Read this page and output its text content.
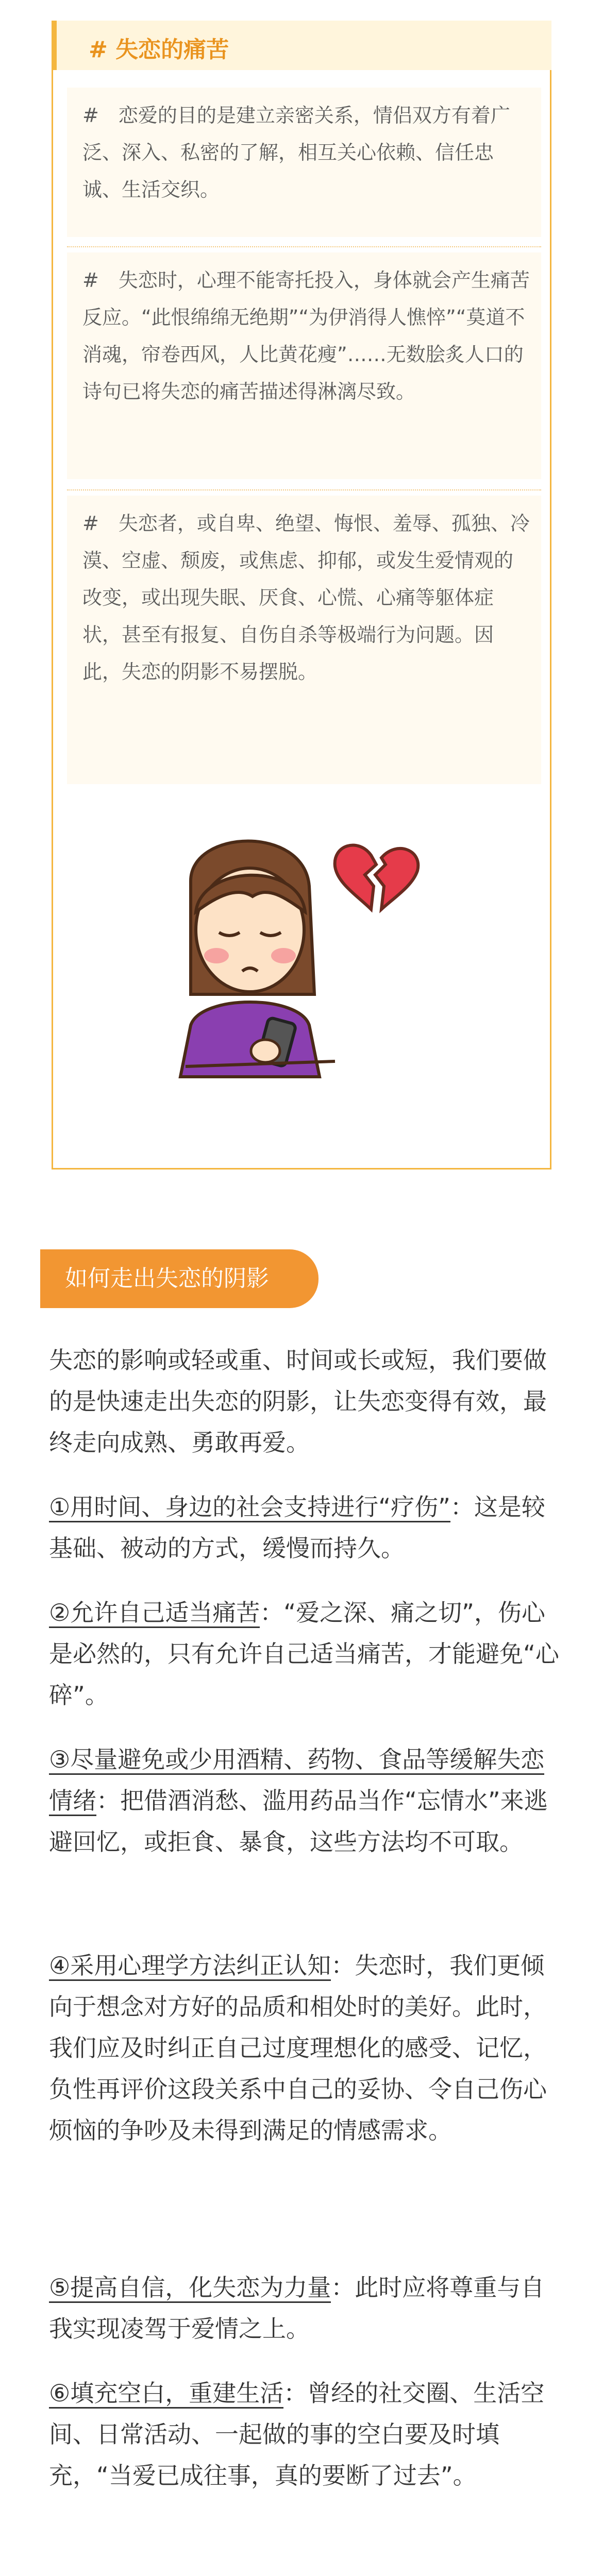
# 失恋的痛苦
#　恋爱的目的是建立亲密关系，情侣双方有着广泛、深入、私密的了解，相互关心依赖、信任忠诚、生活交织。
#　失恋时，心理不能寄托投入，身体就会产生痛苦反应。“此恨绵绵无绝期”“为伊消得人憔悴”“莫道不消魂，帘卷西风，人比黄花瘦”……无数脍炙人口的诗句已将失恋的痛苦描述得淋漓尽致。
#　失恋者，或自卑、绝望、悔恨、羞辱、孤独、冷漠、空虚、颓废，或焦虑、抑郁，或发生爱情观的改变，或出现失眠、厌食、心慌、心痛等躯体症状，甚至有报复、自伤自杀等极端行为问题。因此，失恋的阴影不易摆脱。
如何走出失恋的阴影
失恋的影响或轻或重、时间或长或短，我们要做的是快速走出失恋的阴影，让失恋变得有效，最终走向成熟、勇敢再爱。
①用时间、身边的社会支持进行“疗伤”：这是较基础、被动的方式，缓慢而持久。
②允许自己适当痛苦：“爱之深、痛之切”，伤心是必然的，只有允许自己适当痛苦，才能避免“心碎”。
③尽量避免或少用酒精、药物、食品等缓解失恋情绪：把借酒消愁、滥用药品当作“忘情水”来逃避回忆，或拒食、暴食，这些方法均不可取。
④采用心理学方法纠正认知：失恋时，我们更倾向于想念对方好的品质和相处时的美好。此时，我们应及时纠正自己过度理想化的感受、记忆，负性再评价这段关系中自己的妥协、令自己伤心烦恼的争吵及未得到满足的情感需求。
⑤提高自信，化失恋为力量：此时应将尊重与自我实现凌驾于爱情之上。
⑥填充空白，重建生活：曾经的社交圈、生活空间、日常活动、一起做的事的空白要及时填充，“当爱已成往事，真的要断了过去”。
